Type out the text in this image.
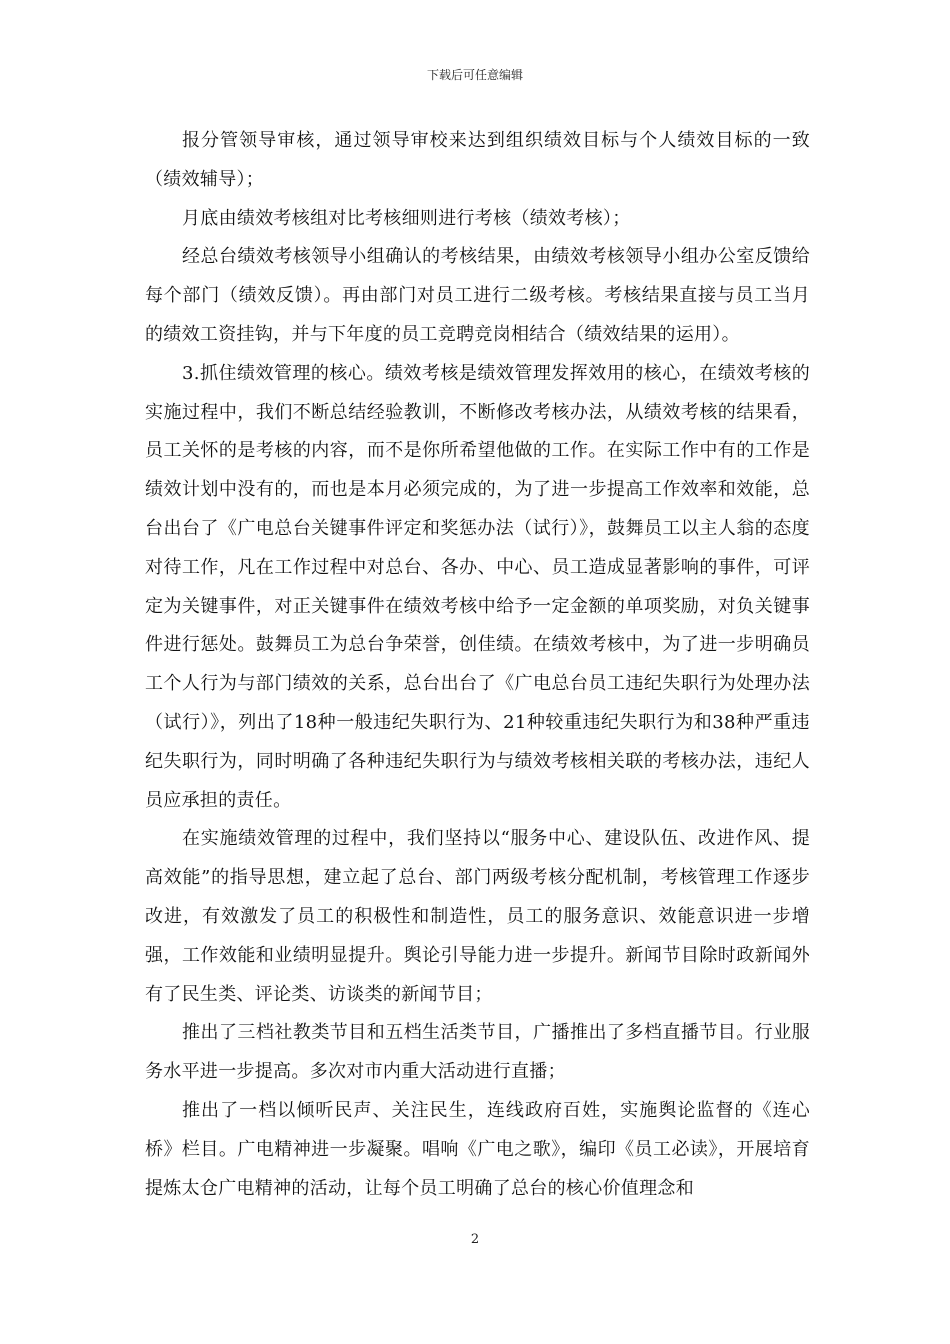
下载后可任意编辑

报分管领导审核，通过领导审校来达到组织绩效目标与个人绩效目标的一致（绩效辅导）；

月底由绩效考核组对比考核细则进行考核（绩效考核）；

经总台绩效考核领导小组确认的考核结果，由绩效考核领导小组办公室反馈给每个部门（绩效反馈）。再由部门对员工进行二级考核。考核结果直接与员工当月的绩效工资挂钩，并与下年度的员工竞聘竞岗相结合（绩效结果的运用）。

3.抓住绩效管理的核心。绩效考核是绩效管理发挥效用的核心，在绩效考核的实施过程中，我们不断总结经验教训，不断修改考核办法，从绩效考核的结果看，员工关怀的是考核的内容，而不是你所希望他做的工作。在实际工作中有的工作是绩效计划中没有的，而也是本月必须完成的，为了进一步提高工作效率和效能，总台出台了《广电总台关键事件评定和奖惩办法（试行）》，鼓舞员工以主人翁的态度对待工作，凡在工作过程中对总台、各办、中心、员工造成显著影响的事件，可评定为关键事件，对正关键事件在绩效考核中给予一定金额的单项奖励，对负关键事件进行惩处。鼓舞员工为总台争荣誉，创佳绩。在绩效考核中，为了进一步明确员工个人行为与部门绩效的关系，总台出台了《广电总台员工违纪失职行为处理办法（试行）》，列出了18种一般违纪失职行为、21种较重违纪失职行为和38种严重违纪失职行为，同时明确了各种违纪失职行为与绩效考核相关联的考核办法，违纪人员应承担的责任。

在实施绩效管理的过程中，我们坚持以“服务中心、建设队伍、改进作风、提高效能”的指导思想，建立起了总台、部门两级考核分配机制，考核管理工作逐步改进，有效激发了员工的积极性和制造性，员工的服务意识、效能意识进一步增强，工作效能和业绩明显提升。舆论引导能力进一步提升。新闻节目除时政新闻外有了民生类、评论类、访谈类的新闻节目；

推出了三档社教类节目和五档生活类节目，广播推出了多档直播节目。行业服务水平进一步提高。多次对市内重大活动进行直播；

推出了一档以倾听民声、关注民生，连线政府百姓，实施舆论监督的《连心桥》栏目。广电精神进一步凝聚。唱响《广电之歌》，编印《员工必读》，开展培育提炼太仓广电精神的活动，让每个员工明确了总台的核心价值理念和

2
